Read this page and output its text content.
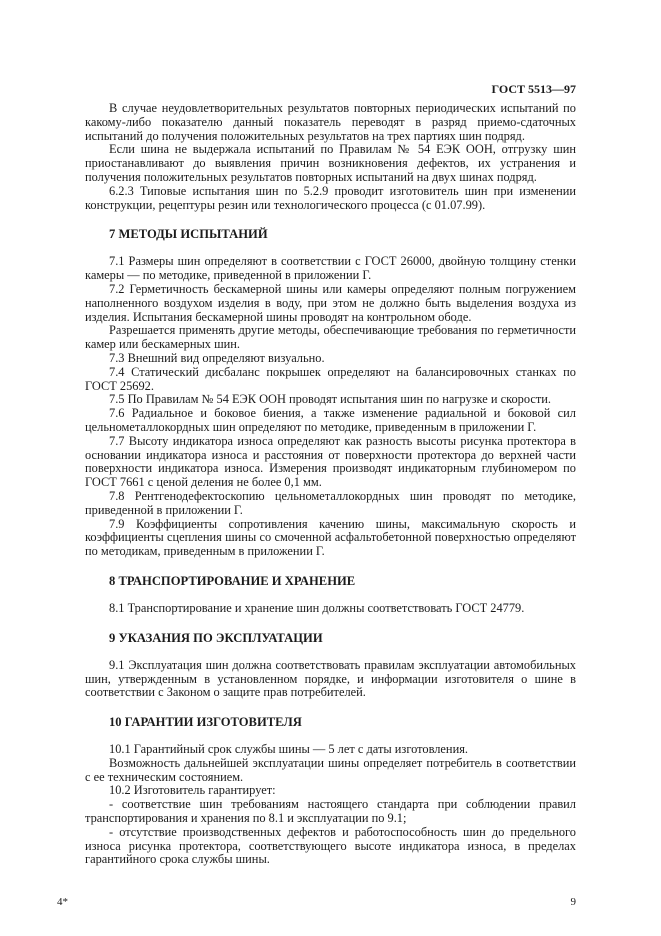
ГОСТ 5513—97

В случае неудовлетворительных результатов повторных периодических испытаний по какому-либо показателю данный показатель переводят в разряд приемо-сдаточных испытаний до получения положительных результатов на трех партиях шин подряд.

Если шина не выдержала испытаний по Правилам № 54 ЕЭК ООН, отгрузку шин приостанавливают до выявления причин возникновения дефектов, их устранения и получения положительных результатов повторных испытаний на двух шинах подряд.

6.2.3 Типовые испытания шин по 5.2.9 проводит изготовитель шин при изменении конструкции, рецептуры резин или технологического процесса (с 01.07.99).

7 МЕТОДЫ ИСПЫТАНИЙ

7.1 Размеры шин определяют в соответствии с ГОСТ 26000, двойную толщину стенки камеры — по методике, приведенной в приложении Г.

7.2 Герметичность бескамерной шины или камеры определяют полным погружением наполненного воздухом изделия в воду, при этом не должно быть выделения воздуха из изделия. Испытания бескамерной шины проводят на контрольном ободе.

Разрешается применять другие методы, обеспечивающие требования по герметичности камер или бескамерных шин.

7.3 Внешний вид определяют визуально.

7.4 Статический дисбаланс покрышек определяют на балансировочных станках по ГОСТ 25692.

7.5 По Правилам № 54 ЕЭК ООН проводят испытания шин по нагрузке и скорости.

7.6 Радиальное и боковое биения, а также изменение радиальной и боковой сил цельнометаллокордных шин определяют по методике, приведенным в приложении Г.

7.7 Высоту индикатора износа определяют как разность высоты рисунка протектора в основании индикатора износа и расстояния от поверхности протектора до верхней части поверхности индикатора износа. Измерения производят индикаторным глубиномером по ГОСТ 7661 с ценой деления не более 0,1 мм.

7.8 Рентгенодефектоскопию цельнометаллокордных шин проводят по методике, приведенной в приложении Г.

7.9 Коэффициенты сопротивления качению шины, максимальную скорость и коэффициенты сцепления шины со смоченной асфальтобетонной поверхностью определяют по методикам, приведенным в приложении Г.

8 ТРАНСПОРТИРОВАНИЕ И ХРАНЕНИЕ

8.1 Транспортирование и хранение шин должны соответствовать ГОСТ 24779.

9 УКАЗАНИЯ ПО ЭКСПЛУАТАЦИИ

9.1 Эксплуатация шин должна соответствовать правилам эксплуатации автомобильных шин, утвержденным в установленном порядке, и информации изготовителя о шине в соответствии с Законом о защите прав потребителей.

10 ГАРАНТИИ ИЗГОТОВИТЕЛЯ

10.1 Гарантийный срок службы шины — 5 лет с даты изготовления.

Возможность дальнейшей эксплуатации шины определяет потребитель в соответствии с ее техническим состоянием.

10.2 Изготовитель гарантирует:

- соответствие шин требованиям настоящего стандарта при соблюдении правил транспортирования и хранения по 8.1 и эксплуатации по 9.1;

- отсутствие производственных дефектов и работоспособность шин до предельного износа рисунка протектора, соответствующего высоте индикатора износа, в пределах гарантийного срока службы шины.

4*	9
